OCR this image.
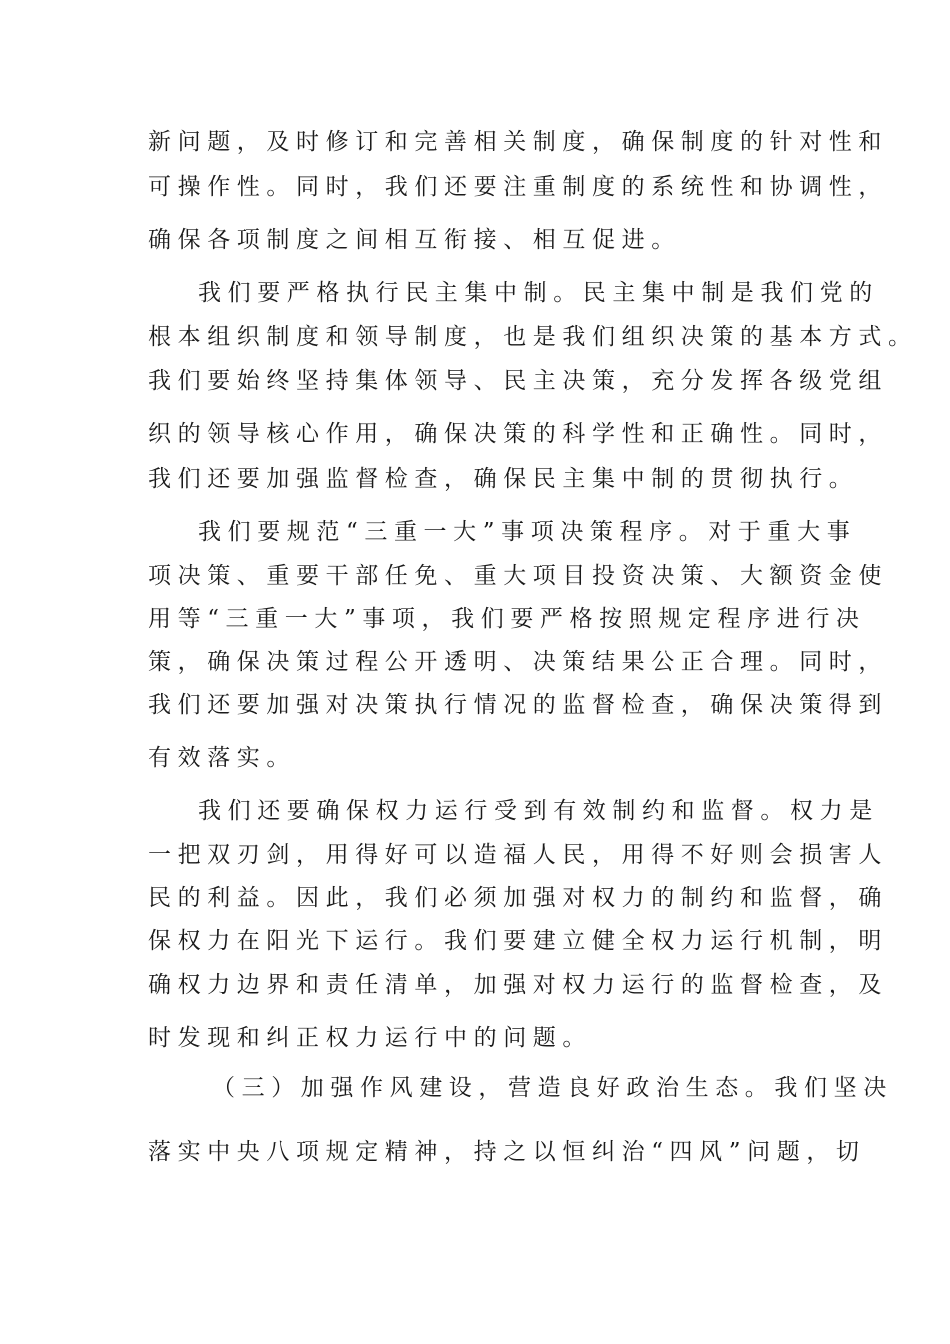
新问题，及时修订和完善相关制度，确保制度的针对性和
可操作性。同时，我们还要注重制度的系统性和协调性，
确保各项制度之间相互衔接、相互促进。
我们要严格执行民主集中制。民主集中制是我们党的
根本组织制度和领导制度，也是我们组织决策的基本方式。
我们要始终坚持集体领导、民主决策，充分发挥各级党组
织的领导核心作用，确保决策的科学性和正确性。同时，
我们还要加强监督检查，确保民主集中制的贯彻执行。
我们要规范“三重一大”事项决策程序。对于重大事
项决策、重要干部任免、重大项目投资决策、大额资金使
用等“三重一大”事项，我们要严格按照规定程序进行决
策，确保决策过程公开透明、决策结果公正合理。同时，
我们还要加强对决策执行情况的监督检查，确保决策得到
有效落实。
我们还要确保权力运行受到有效制约和监督。权力是
一把双刃剑，用得好可以造福人民，用得不好则会损害人
民的利益。因此，我们必须加强对权力的制约和监督，确
保权力在阳光下运行。我们要建立健全权力运行机制，明
确权力边界和责任清单，加强对权力运行的监督检查，及
时发现和纠正权力运行中的问题。
（三）加强作风建设，营造良好政治生态。我们坚决
落实中央八项规定精神，持之以恒纠治“四风”问题，切
